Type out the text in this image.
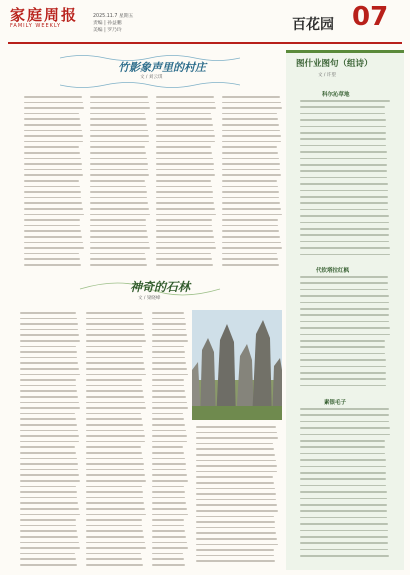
家庭周报
FAMILY WEEKLY
2025.11.7 星期五
责编 | 孙益鹏
美编 | 罗乃玲	百花园 07
竹影象声里的村庄
文 / 刘云琪
神奇的石林
文 / 梁晓峰
图什业图句（组诗）
文 / 许望
科尔沁草地
代钦塔拉红枫
素银毛子
